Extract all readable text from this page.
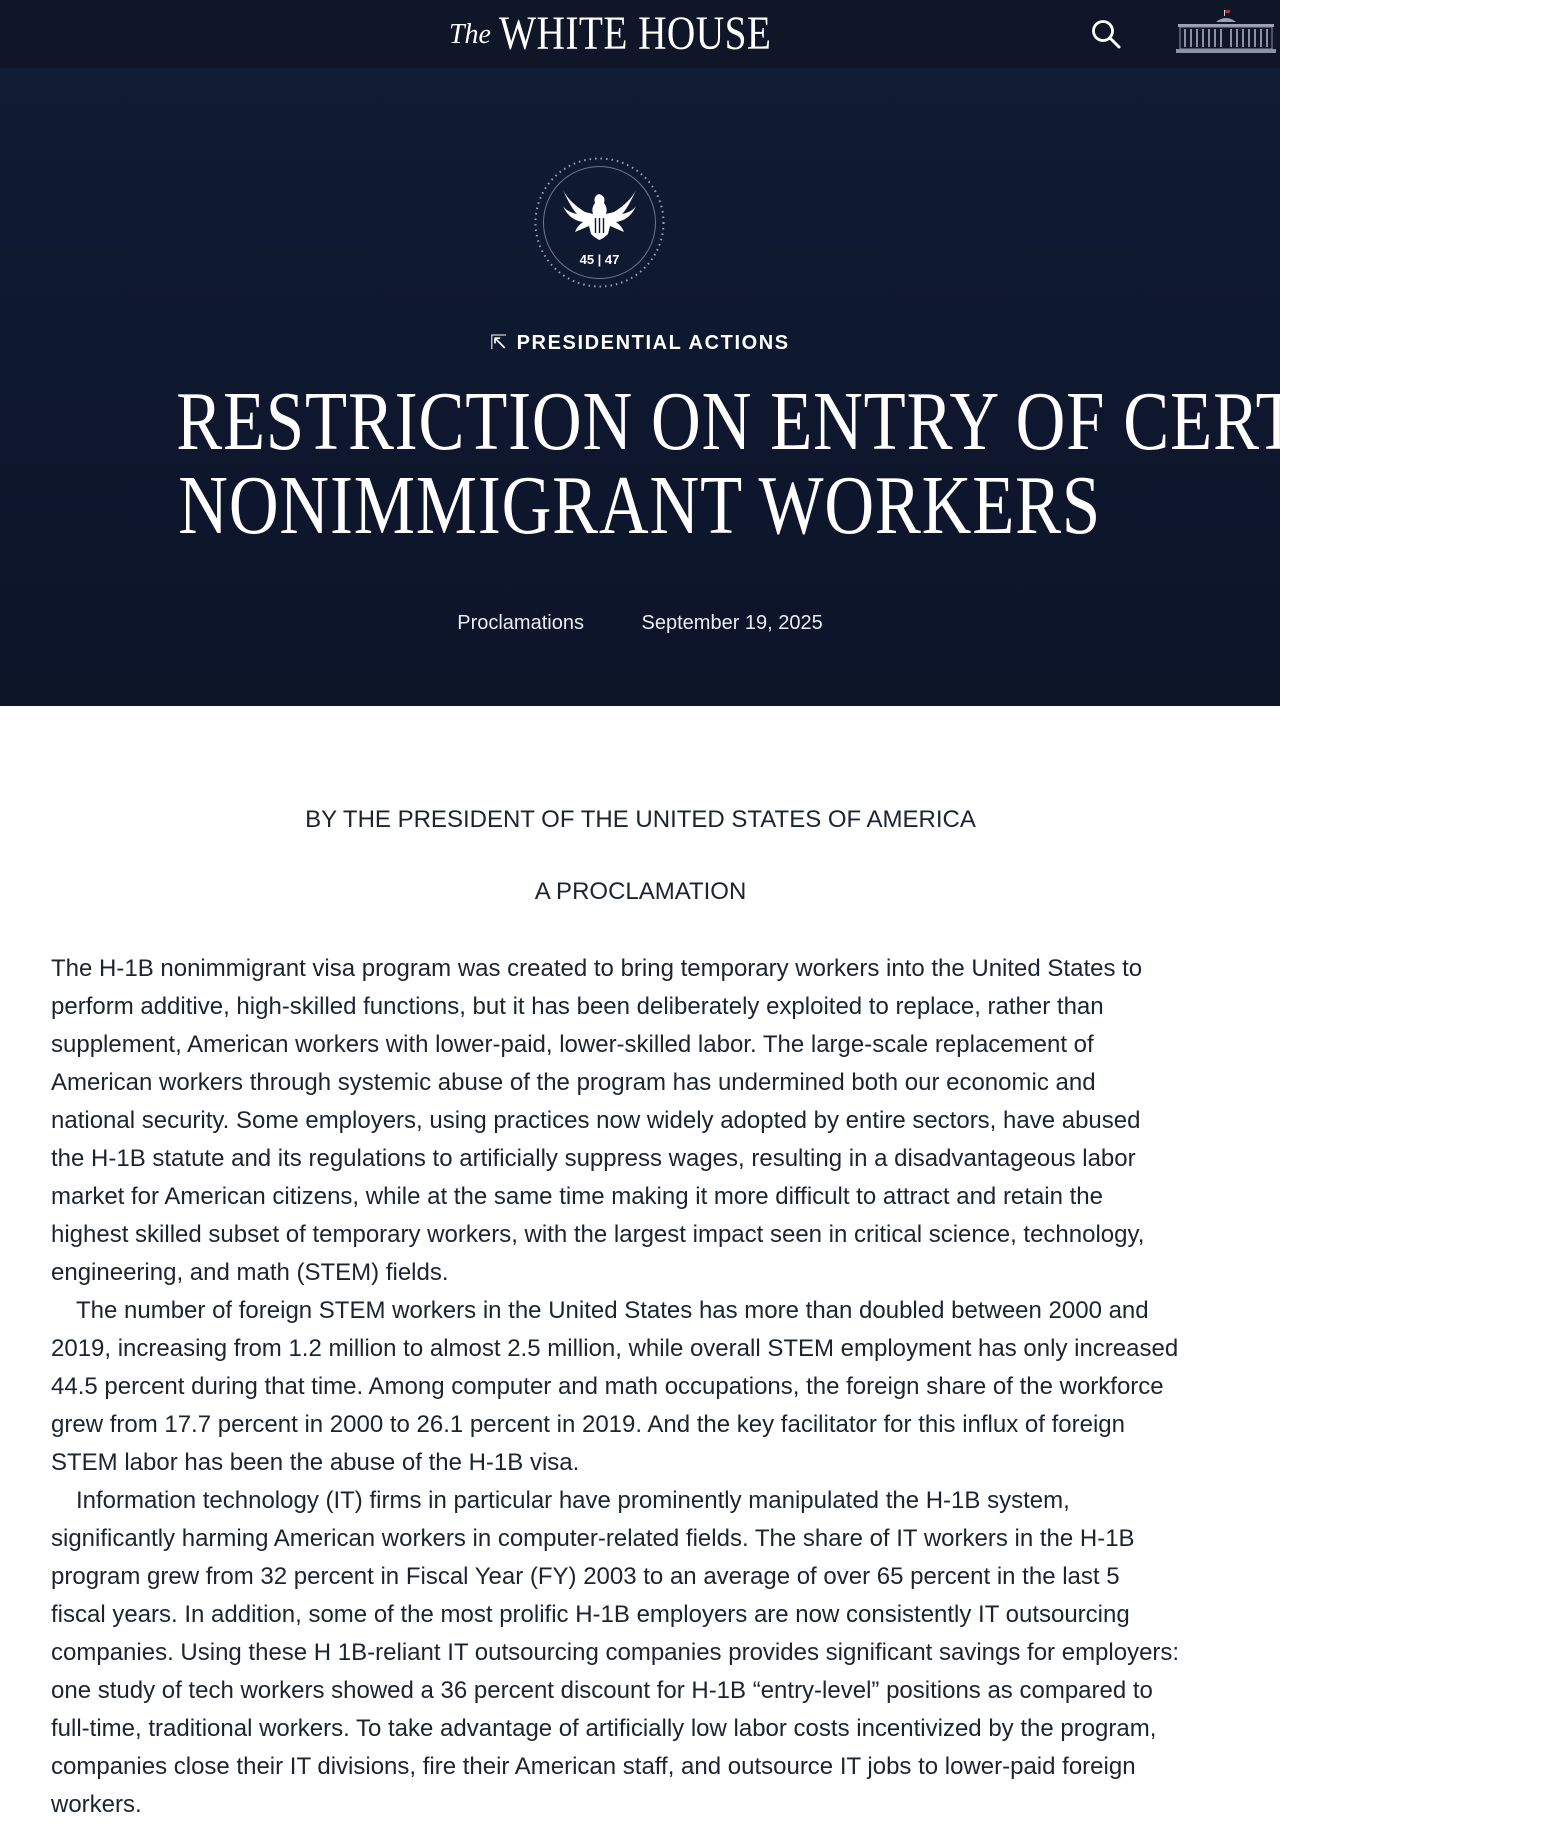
The WHITE HOUSE
45 | 47
⇱ PRESIDENTIAL ACTIONS
RESTRICTION ON ENTRY OF CERTAIN
NONIMMIGRANT WORKERS
Proclamations	September 19, 2025

BY THE PRESIDENT OF THE UNITED STATES OF AMERICA

A PROCLAMATION

The H-1B nonimmigrant visa program was created to bring temporary workers into the United States to perform additive, high-skilled functions, but it has been deliberately exploited to replace, rather than supplement, American workers with lower-paid, lower-skilled labor. The large-scale replacement of American workers through systemic abuse of the program has undermined both our economic and national security. Some employers, using practices now widely adopted by entire sectors, have abused the H-1B statute and its regulations to artificially suppress wages, resulting in a disadvantageous labor market for American citizens, while at the same time making it more difficult to attract and retain the highest skilled subset of temporary workers, with the largest impact seen in critical science, technology, engineering, and math (STEM) fields.

The number of foreign STEM workers in the United States has more than doubled between 2000 and 2019, increasing from 1.2 million to almost 2.5 million, while overall STEM employment has only increased 44.5 percent during that time. Among computer and math occupations, the foreign share of the workforce grew from 17.7 percent in 2000 to 26.1 percent in 2019. And the key facilitator for this influx of foreign STEM labor has been the abuse of the H-1B visa.

Information technology (IT) firms in particular have prominently manipulated the H-1B system, significantly harming American workers in computer-related fields. The share of IT workers in the H-1B program grew from 32 percent in Fiscal Year (FY) 2003 to an average of over 65 percent in the last 5 fiscal years. In addition, some of the most prolific H-1B employers are now consistently IT outsourcing companies. Using these H 1B-reliant IT outsourcing companies provides significant savings for employers: one study of tech workers showed a 36 percent discount for H-1B “entry-level” positions as compared to full-time, traditional workers. To take advantage of artificially low labor costs incentivized by the program, companies close their IT divisions, fire their American staff, and outsource IT jobs to lower-paid foreign workers.
